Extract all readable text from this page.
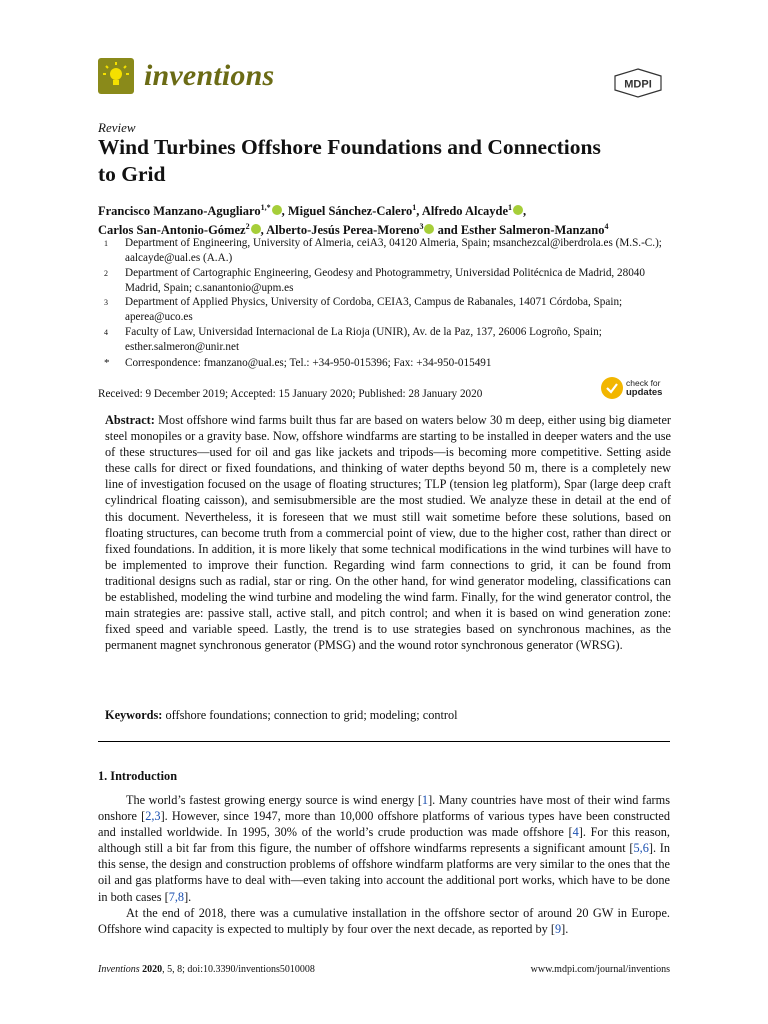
inventions	MDPI
Review
Wind Turbines Offshore Foundations and Connections to Grid
Francisco Manzano-Agugliaro$^{1,*}$ , Miguel Sánchez-Calero$^1$, Alfredo Alcayde$^1$ ,
Carlos San-Antonio-Gómez$^2$ , Alberto-Jesús Perea-Moreno$^3$ and Esther Salmeron-Manzano$^4$
1 Department of Engineering, University of Almeria, ceiA3, 04120 Almeria, Spain; msanchezcal@iberdrola.es (M.S.-C.); aalcayde@ual.es (A.A.)
2 Department of Cartographic Engineering, Geodesy and Photogrammetry, Universidad Politécnica de Madrid, 28040 Madrid, Spain; c.sanantonio@upm.es
3 Department of Applied Physics, University of Cordoba, CEIA3, Campus de Rabanales, 14071 Córdoba, Spain; aperea@uco.es
4 Faculty of Law, Universidad Internacional de La Rioja (UNIR), Av. de la Paz, 137, 26006 Logroño, Spain; esther.salmeron@unir.net
* Correspondence: fmanzano@ual.es; Tel.: +34-950-015396; Fax: +34-950-015491
Received: 9 December 2019; Accepted: 15 January 2020; Published: 28 January 2020
check for
updates
Abstract: Most offshore wind farms built thus far are based on waters below 30 m deep, either using big diameter steel monopiles or a gravity base. Now, offshore windfarms are starting to be installed in deeper waters and the use of these structures—used for oil and gas like jackets and tripods—is becoming more competitive. Setting aside these calls for direct or fixed foundations, and thinking of water depths beyond 50 m, there is a completely new line of investigation focused on the usage of floating structures; TLP (tension leg platform), Spar (large deep craft cylindrical floating caisson), and semisubmersible are the most studied. We analyze these in detail at the end of this document. Nevertheless, it is foreseen that we must still wait sometime before these solutions, based on floating structures, can become truth from a commercial point of view, due to the higher cost, rather than direct or fixed foundations. In addition, it is more likely that some technical modifications in the wind turbines will have to be implemented to improve their function. Regarding wind farm connections to grid, it can be found from traditional designs such as radial, star or ring. On the other hand, for wind generator modeling, classifications can be established, modeling the wind turbine and modeling the wind farm. Finally, for the wind generator control, the main strategies are: passive stall, active stall, and pitch control; and when it is based on wind generation zone: fixed speed and variable speed. Lastly, the trend is to use strategies based on synchronous machines, as the permanent magnet synchronous generator (PMSG) and the wound rotor synchronous generator (WRSG).
Keywords: offshore foundations; connection to grid; modeling; control
1. Introduction
The world’s fastest growing energy source is wind energy [1]. Many countries have most of their wind farms onshore [2,3]. However, since 1947, more than 10,000 offshore platforms of various types have been constructed and installed worldwide. In 1995, 30% of the world’s crude production was made offshore [4]. For this reason, although still a bit far from this figure, the number of offshore windfarms represents a significant amount [5,6]. In this sense, the design and construction problems of offshore windfarm platforms are very similar to the ones that the oil and gas platforms have to deal with—even taking into account the additional port works, which have to be done in both cases [7,8].
At the end of 2018, there was a cumulative installation in the offshore sector of around 20 GW in Europe. Offshore wind capacity is expected to multiply by four over the next decade, as reported by [9].
Inventions 2020, 5, 8; doi:10.3390/inventions5010008	www.mdpi.com/journal/inventions
